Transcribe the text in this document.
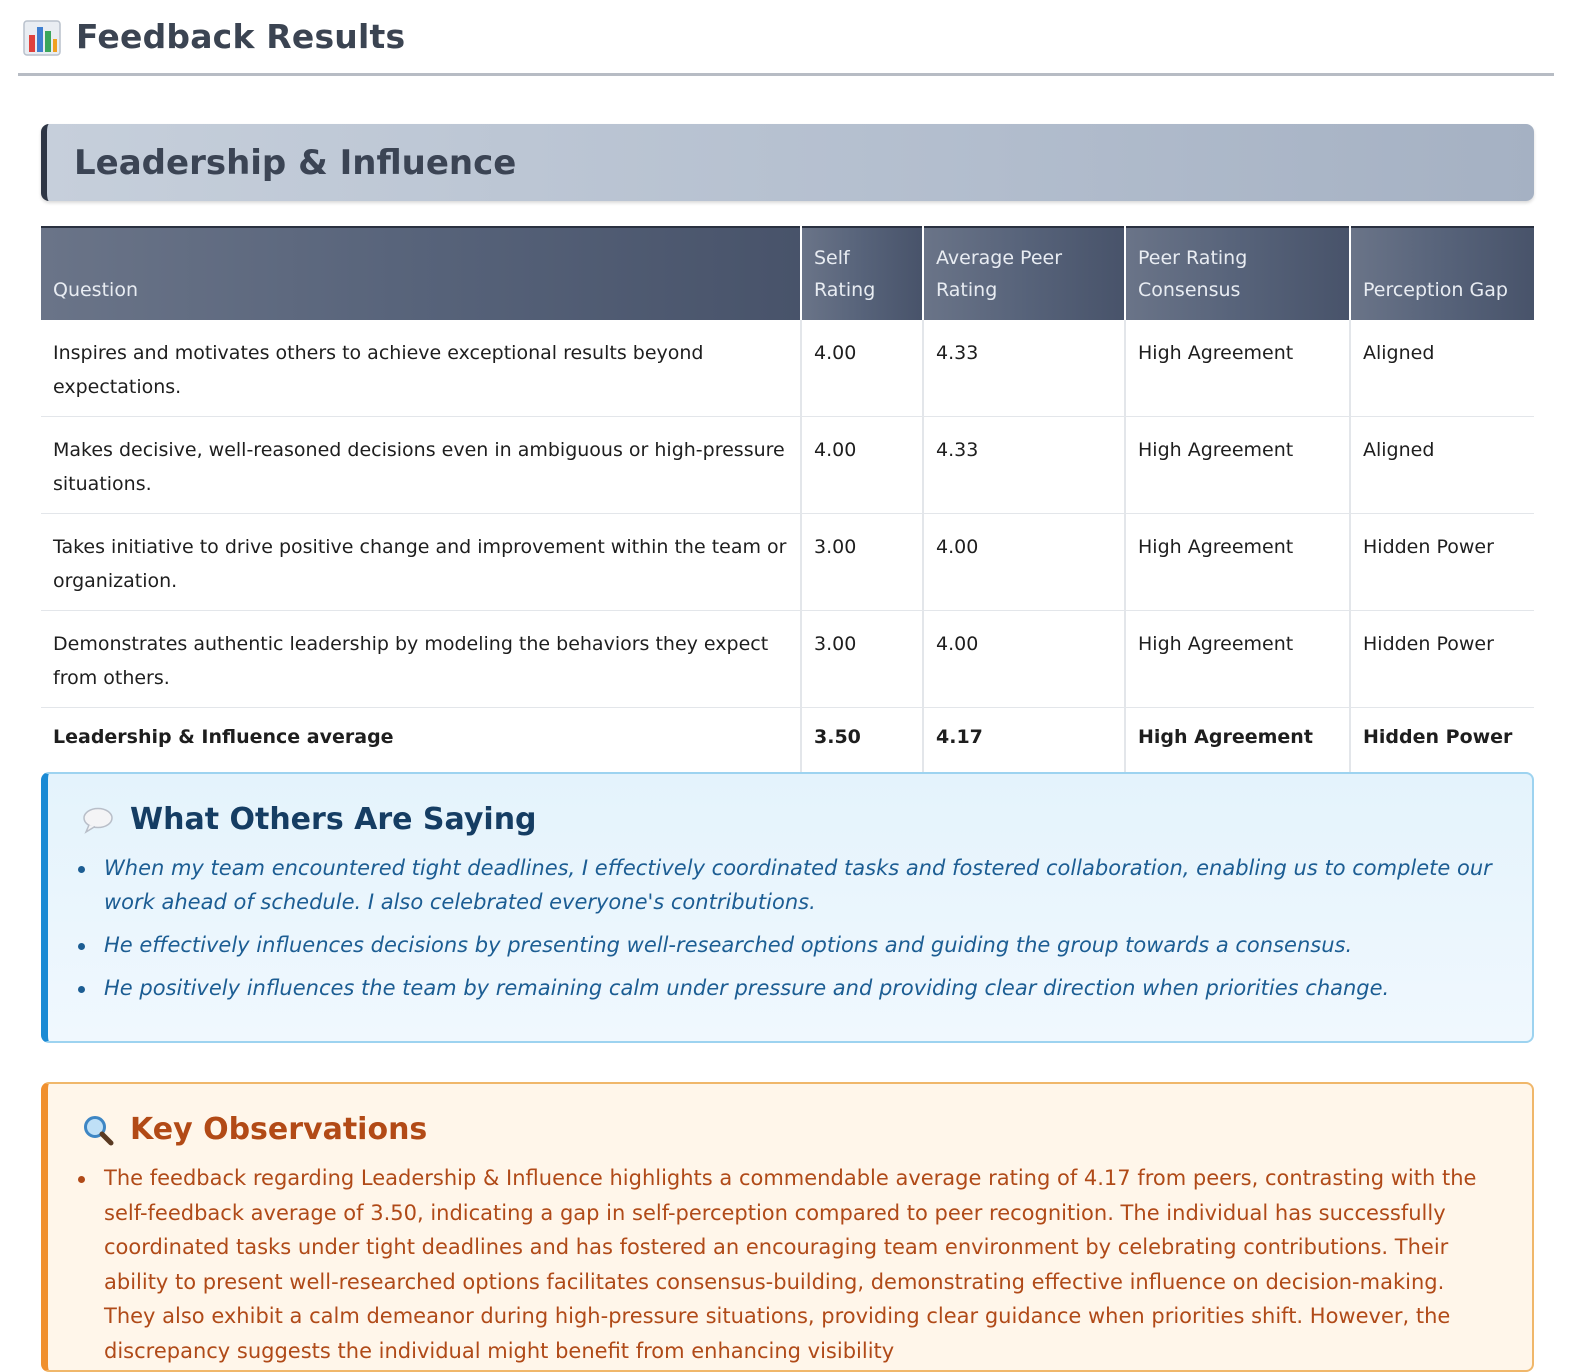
Feedback Results
Leadership & Influence
Question	Self Rating	Average Peer Rating	Peer Rating Consensus	Perception Gap
Inspires and motivates others to achieve exceptional results beyond expectations.	4.00	4.33	High Agreement	Aligned
Makes decisive, well-reasoned decisions even in ambiguous or high-pressure situations.	4.00	4.33	High Agreement	Aligned
Takes initiative to drive positive change and improvement within the team or organization.	3.00	4.00	High Agreement	Hidden Power
Demonstrates authentic leadership by modeling the behaviors they expect from others.	3.00	4.00	High Agreement	Hidden Power
Leadership & Influence average	3.50	4.17	High Agreement	Hidden Power
What Others Are Saying
When my team encountered tight deadlines, I effectively coordinated tasks and fostered collaboration, enabling us to complete our work ahead of schedule. I also celebrated everyone's contributions.
He effectively influences decisions by presenting well-researched options and guiding the group towards a consensus.
He positively influences the team by remaining calm under pressure and providing clear direction when priorities change.
Key Observations
The feedback regarding Leadership & Influence highlights a commendable average rating of 4.17 from peers, contrasting with the self-feedback average of 3.50, indicating a gap in self-perception compared to peer recognition. The individual has successfully coordinated tasks under tight deadlines and has fostered an encouraging team environment by celebrating contributions. Their ability to present well-researched options facilitates consensus-building, demonstrating effective influence on decision-making. They also exhibit a calm demeanor during high-pressure situations, providing clear guidance when priorities shift. However, the discrepancy suggests the individual might benefit from enhancing visibility
